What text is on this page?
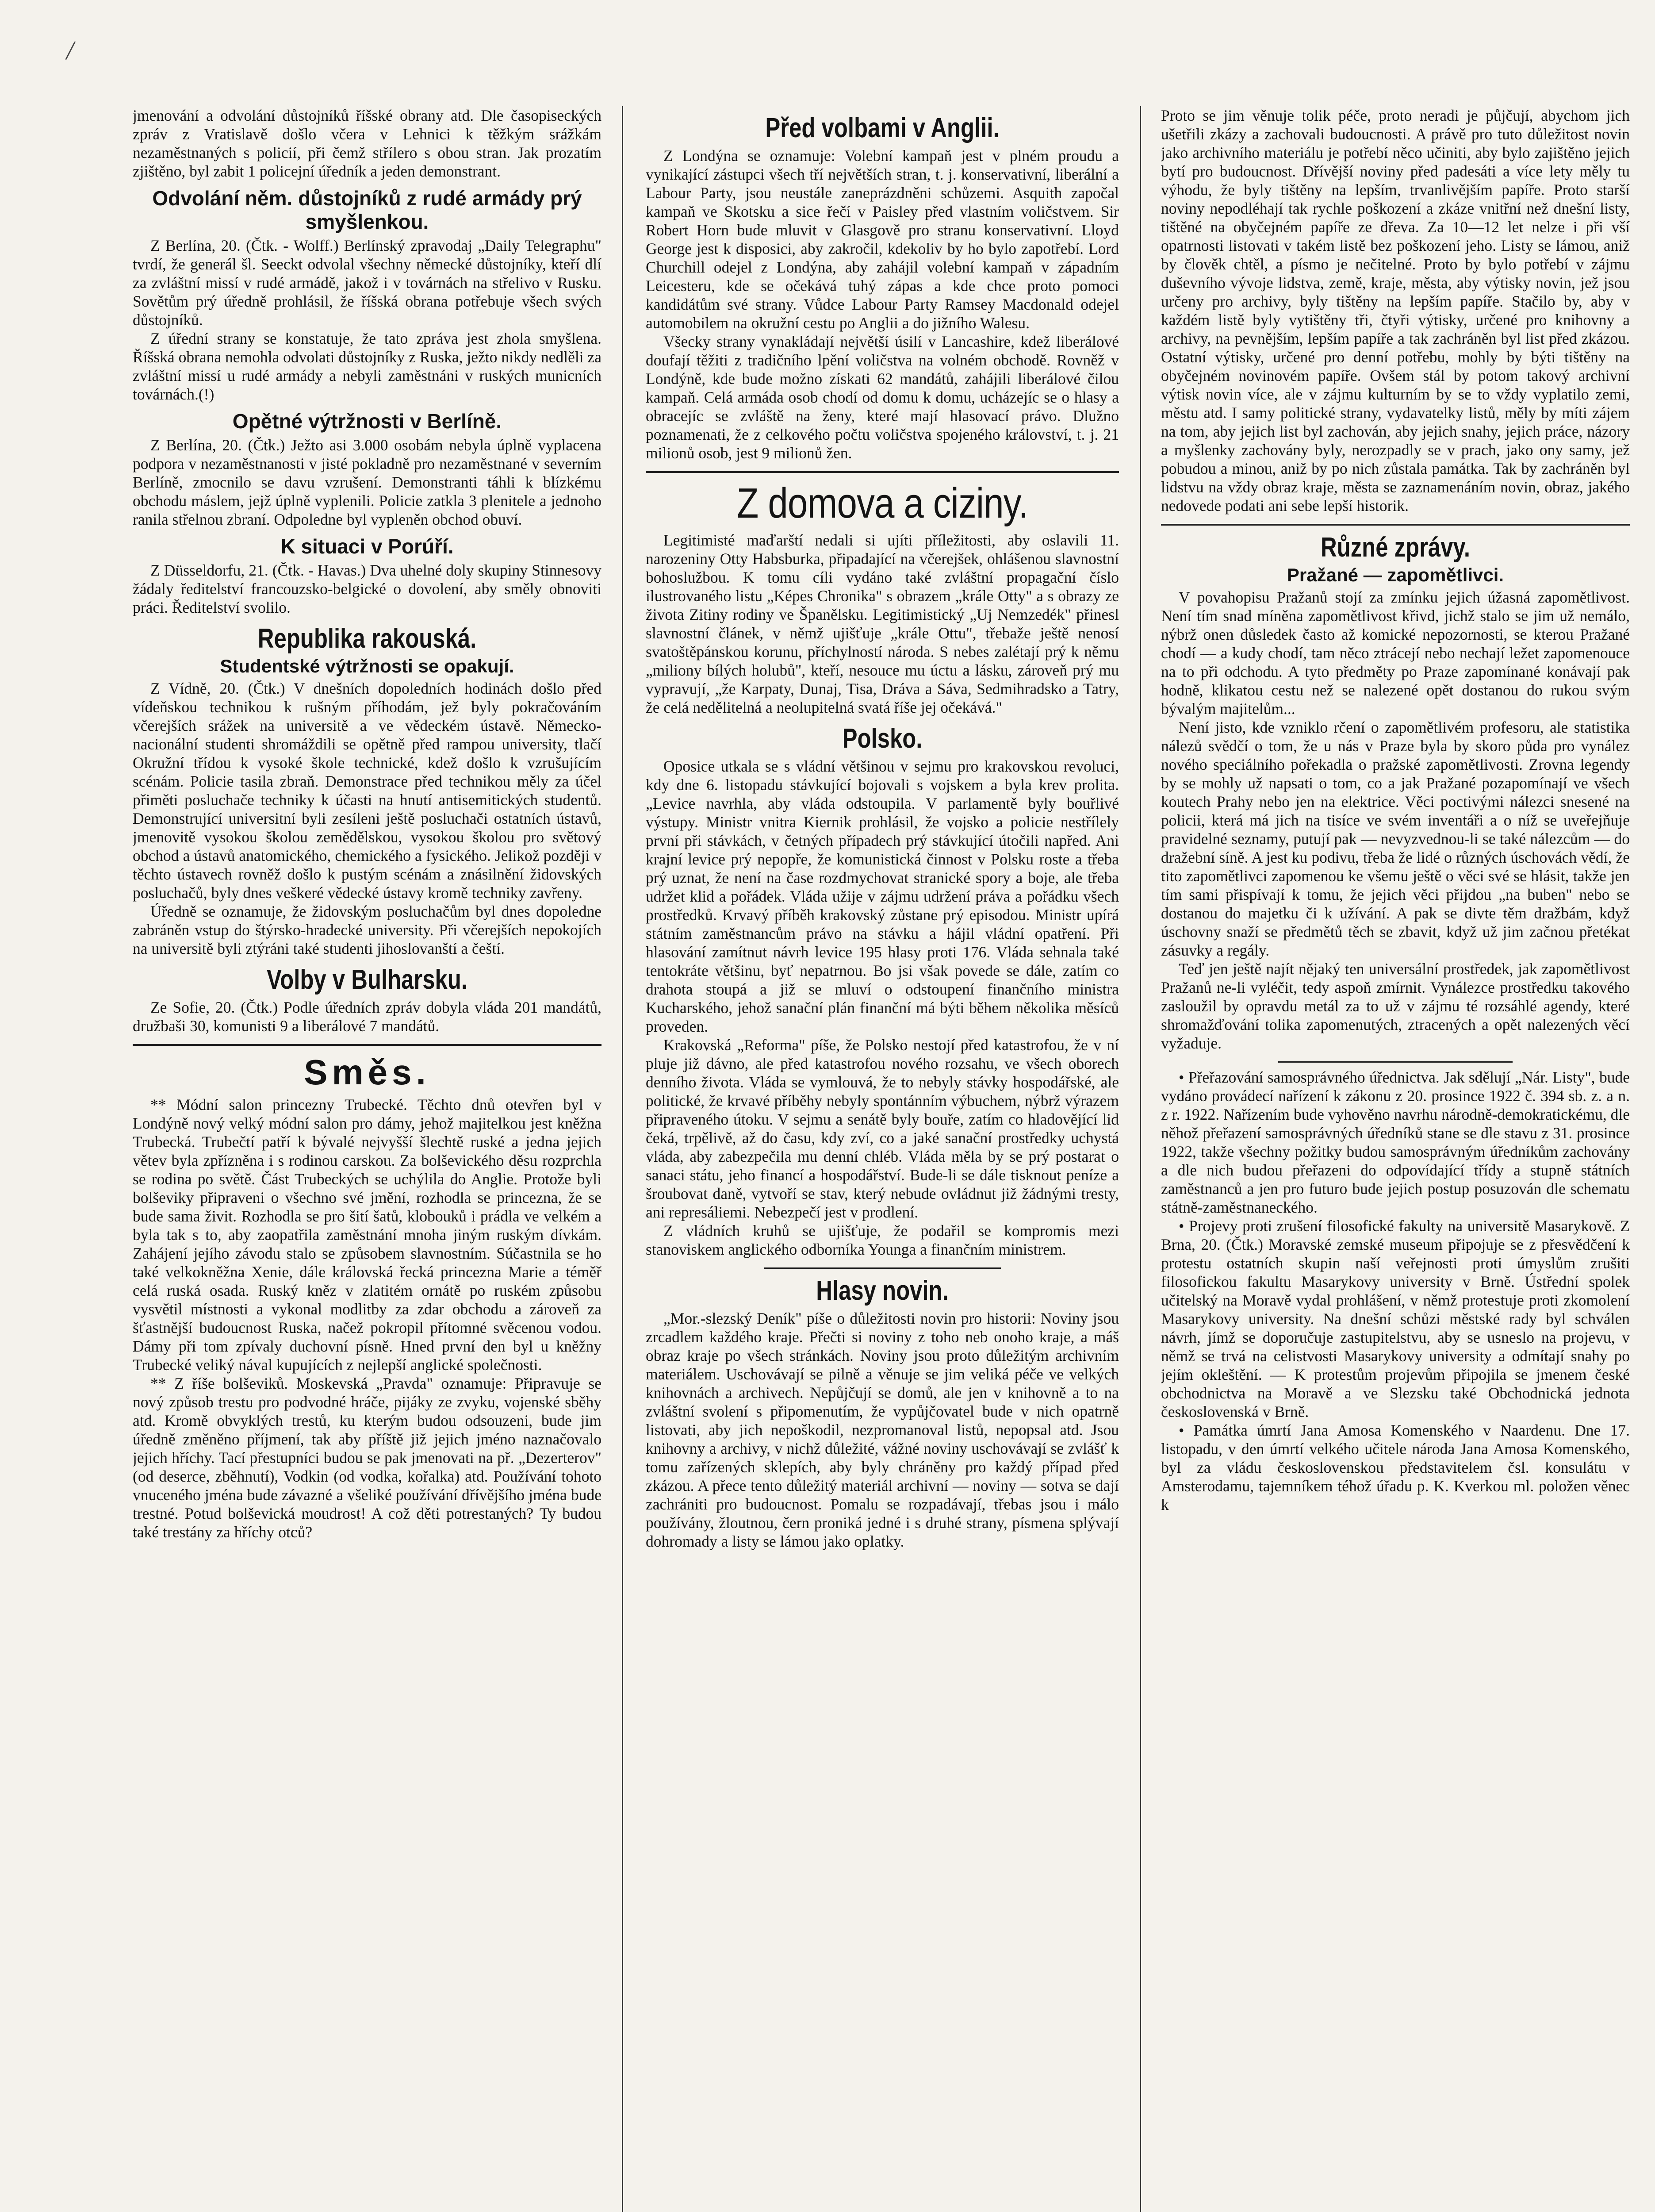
/

jmenování a odvolání důstojníků říšské obrany atd. Dle časopiseckých zpráv z Vratislavě došlo včera v Lehnici k těžkým srážkám nezaměstnaných s policií, při čemž střílero s obou stran. Jak prozatím zjištěno, byl zabit 1 policejní úředník a jeden demonstrant.

Odvolání něm. důstojníků z rudé armády prý smyšlenkou.

Z Berlína, 20. (Čtk. - Wolff.) Berlínský zpravodaj „Daily Telegraphu" tvrdí, že generál šl. Seeckt odvolal všechny německé důstojníky, kteří dlí za zvláštní missí v rudé armádě, jakož i v továrnách na střelivo v Rusku. Sovětům prý úředně prohlásil, že říšská obrana potřebuje všech svých důstojníků.

Z úřední strany se konstatuje, že tato zpráva jest zhola smyšlena. Říšská obrana nemohla odvolati důstojníky z Ruska, ježto nikdy nedlěli za zvláštní missí u rudé armády a nebyli zaměstnáni v ruských municních továrnách.(!)

Opětné výtržnosti v Berlíně.

Z Berlína, 20. (Čtk.) Ježto asi 3.000 osobám nebyla úplně vyplacena podpora v nezaměstnanosti v jisté pokladně pro nezaměstnané v severním Berlíně, zmocnilo se davu vzrušení. Demonstranti táhli k blízkému obchodu máslem, jejž úplně vyplenili. Policie zatkla 3 plenitele a jednoho ranila střelnou zbraní. Odpoledne byl vypleněn obchod obuví.

K situaci v Porúří.

Z Düsseldorfu, 21. (Čtk. - Havas.) Dva uhelné doly skupiny Stinnesovy žádaly ředitelství francouzsko-belgické o dovolení, aby směly obnoviti práci. Ředitelství svolilo.

Republika rakouská.
Studentské výtržnosti se opakují.

Z Vídně, 20. (Čtk.) V dnešních dopoledních hodinách došlo před vídeňskou technikou k rušným příhodám, jež byly pokračováním včerejších srážek na universitě a ve vědeckém ústavě. Německo-nacionální studenti shromáždili se opětně před rampou university, tlačí Okružní třídou k vysoké škole technické, kdež došlo k vzrušujícím scénám. Policie tasila zbraň. Demonstrace před technikou měly za účel přiměti posluchače techniky k účasti na hnutí antisemitických studentů. Demonstrující universitní byli zesíleni ještě posluchači ostatních ústavů, jmenovitě vysokou školou zemědělskou, vysokou školou pro světový obchod a ústavů anatomického, chemického a fysického. Jelikož později v těchto ústavech rovněž došlo k pustým scénám a znásilnění židovských posluchačů, byly dnes veškeré vědecké ústavy kromě techniky zavřeny.

Úředně se oznamuje, že židovským posluchačům byl dnes dopoledne zabráněn vstup do štýrsko-hradecké university. Při včerejších nepokojích na universitě byli ztýráni také studenti jihoslovanští a čeští.

Volby v Bulharsku.

Ze Sofie, 20. (Čtk.) Podle úředních zpráv dobyla vláda 201 mandátů, družbaši 30, komunisti 9 a liberálové 7 mandátů.

Směs.

** Módní salon princezny Trubecké. Těchto dnů otevřen byl v Londýně nový velký módní salon pro dámy, jehož majitelkou jest kněžna Trubecká. Trubečtí patří k bývalé nejvyšší šlechtě ruské a jedna jejich větev byla zpřízněna i s rodinou carskou. Za bolševického děsu rozprchla se rodina po světě. Část Trubeckých se uchýlila do Anglie. Protože byli bolševiky připraveni o všechno své jmění, rozhodla se princezna, že se bude sama živit. Rozhodla se pro šití šatů, klobouků i prádla ve velkém a byla tak s to, aby zaopatřila zaměstnání mnoha jiným ruským dívkám. Zahájení jejího závodu stalo se způsobem slavnostním. Súčastnila se ho také velkokněžna Xenie, dále královská řecká princezna Marie a téměř celá ruská osada. Ruský kněz v zlatitém ornátě po ruském způsobu vysvětil místnosti a vykonal modlitby za zdar obchodu a zároveň za šťastnější budoucnost Ruska, načež pokropil přítomné svěcenou vodou. Dámy při tom zpívaly duchovní písně. Hned první den byl u kněžny Trubecké veliký nával kupujících z nejlepší anglické společnosti.

** Z říše bolševiků. Moskevská „Pravda" oznamuje: Připravuje se nový způsob trestu pro podvodné hráče, pijáky ze zvyku, vojenské sběhy atd. Kromě obvyklých trestů, ku kterým budou odsouzeni, bude jim úředně změněno příjmení, tak aby příště již jejich jméno naznačovalo jejich hříchy. Tací přestupníci budou se pak jmenovati na př. „Dezerterov" (od deserce, zběhnutí), Vodkin (od vodka, kořalka) atd. Používání tohoto vnuceného jména bude závazné a všeliké používání dřívějšího jména bude trestné. Potud bolševická moudrost! A což děti potrestaných? Ty budou také trestány za hříchy otců?

Před volbami v Anglii.

Z Londýna se oznamuje: Volební kampaň jest v plném proudu a vynikající zástupci všech tří největších stran, t. j. konservativní, liberální a Labour Party, jsou neustále zaneprázdněni schůzemi. Asquith započal kampaň ve Skotsku a sice řečí v Paisley před vlastním voličstvem. Sir Robert Horn bude mluvit v Glasgově pro stranu konservativní. Lloyd George jest k disposici, aby zakročil, kdekoliv by ho bylo zapotřebí. Lord Churchill odejel z Londýna, aby zahájil volební kampaň v západním Leicesteru, kde se očekává tuhý zápas a kde chce proto pomoci kandidátům své strany. Vůdce Labour Party Ramsey Macdonald odejel automobilem na okružní cestu po Anglii a do jižního Walesu.

Všecky strany vynakládají největší úsilí v Lancashire, kdež liberálové doufají těžiti z tradičního lpění voličstva na volném obchodě. Rovněž v Londýně, kde bude možno získati 62 mandátů, zahájili liberálové čilou kampaň. Celá armáda osob chodí od domu k domu, ucházejíc se o hlasy a obracejíc se zvláště na ženy, které mají hlasovací právo. Dlužno poznamenati, že z celkového počtu voličstva spojeného království, t. j. 21 milionů osob, jest 9 milionů žen.

Z domova a ciziny.

Legitimisté maďarští nedali si ujíti příležitosti, aby oslavili 11. narozeniny Otty Habsburka, připadající na včerejšek, ohlášenou slavnostní bohoslužbou. K tomu cíli vydáno také zvláštní propagační číslo ilustrovaného listu „Képes Chronika" s obrazem „krále Otty" a s obrazy ze života Zitiny rodiny ve Španělsku. Legitimistický „Uj Nemzedék" přinesl slavnostní článek, v němž ujišťuje „krále Ottu", třebaže ještě nenosí svatoštěpánskou korunu, příchylností národa. S nebes zalétají prý k němu „miliony bílých holubů", kteří, nesouce mu úctu a lásku, zároveň prý mu vypravují, „že Karpaty, Dunaj, Tisa, Dráva a Sáva, Sedmihradsko a Tatry, že celá nedělitelná a neolupitelná svatá říše jej očekává."

Polsko.

Oposice utkala se s vládní většinou v sejmu pro krakovskou revoluci, kdy dne 6. listopadu stávkující bojovali s vojskem a byla krev prolita. „Levice navrhla, aby vláda odstoupila. V parlamentě byly bouřlivé výstupy. Ministr vnitra Kiernik prohlásil, že vojsko a policie nestřílely první při stávkách, v četných případech prý stávkující útočili napřed. Ani krajní levice prý nepopře, že komunistická činnost v Polsku roste a třeba prý uznat, že není na čase rozdmychovat stranické spory a boje, ale třeba udržet klid a pořádek. Vláda užije v zájmu udržení práva a pořádku všech prostředků. Krvavý příběh krakovský zůstane prý episodou. Ministr upírá státním zaměstnancům právo na stávku a hájil vládní opatření. Při hlasování zamítnut návrh levice 195 hlasy proti 176. Vláda sehnala také tentokráte většinu, byť nepatrnou. Bo jsi však povede se dále, zatím co drahota stoupá a již se mluví o odstoupení finančního ministra Kucharského, jehož sanační plán finanční má býti během několika měsíců proveden.

Krakovská „Reforma" píše, že Polsko nestojí před katastrofou, že v ní pluje již dávno, ale před katastrofou nového rozsahu, ve všech oborech denního života. Vláda se vymlouvá, že to nebyly stávky hospodářské, ale politické, že krvavé příběhy nebyly spontánním výbuchem, nýbrž výrazem připraveného útoku. V sejmu a senátě byly bouře, zatím co hladovějící lid čeká, trpělivě, až do času, kdy zví, co a jaké sanační prostředky uchystá vláda, aby zabezpečila mu denní chléb. Vláda měla by se prý postarat o sanaci státu, jeho financí a hospodářství. Bude-li se dále tisknout peníze a šroubovat daně, vytvoří se stav, který nebude ovládnut již žádnými tresty, ani represáliemi. Nebezpečí jest v prodlení.

Z vládních kruhů se ujišťuje, že podařil se kompromis mezi stanoviskem anglického odborníka Younga a finančním ministrem.

Hlasy novin.

„Mor.-slezský Deník" píše o důležitosti novin pro historii: Noviny jsou zrcadlem každého kraje. Přečti si noviny z toho neb onoho kraje, a máš obraz kraje po všech stránkách. Noviny jsou proto důležitým archivním materiálem. Uschovávají se pilně a věnuje se jim veliká péče ve velkých knihovnách a archivech. Nepůjčují se domů, ale jen v knihovně a to na zvláštní svolení s připomenutím, že vypůjčovatel bude v nich opatrně listovati, aby jich nepoškodil, nezpromanoval listů, nepopsal atd. Jsou knihovny a archivy, v nichž důležité, vážné noviny uschovávají se zvlášť k tomu zařízených sklepích, aby byly chráněny pro každý případ před zkázou. A přece tento důležitý materiál archivní — noviny — sotva se dají zachrániti pro budoucnost. Pomalu se rozpadávají, třebas jsou i málo používány, žloutnou, čern proniká jedné i s druhé strany, písmena splývají dohromady a listy se lámou jako oplatky.

Proto se jim věnuje tolik péče, proto neradi je půjčují, abychom jich ušetřili zkázy a zachovali budoucnosti. A právě pro tuto důležitost novin jako archivního materiálu je potřebí něco učiniti, aby bylo zajištěno jejich bytí pro budoucnost. Dřívější noviny před padesáti a více lety měly tu výhodu, že byly tištěny na lepším, trvanlivějším papíře. Proto starší noviny nepodléhají tak rychle poškození a zkáze vnitřní než dnešní listy, tištěné na obyčejném papíře ze dřeva. Za 10—12 let nelze i při vší opatrnosti listovati v takém listě bez poškození jeho. Listy se lámou, aniž by člověk chtěl, a písmo je nečitelné. Proto by bylo potřebí v zájmu duševního vývoje lidstva, země, kraje, města, aby výtisky novin, jež jsou určeny pro archivy, byly tištěny na lepším papíře. Stačilo by, aby v každém listě byly vytištěny tři, čtyři výtisky, určené pro knihovny a archivy, na pevnějším, lepším papíře a tak zachráněn byl list před zkázou. Ostatní výtisky, určené pro denní potřebu, mohly by býti tištěny na obyčejném novinovém papíře. Ovšem stál by potom takový archivní výtisk novin více, ale v zájmu kulturním by se to vždy vyplatilo zemi, městu atd. I samy politické strany, vydavatelky listů, měly by míti zájem na tom, aby jejich list byl zachován, aby jejich snahy, jejich práce, názory a myšlenky zachovány byly, nerozpadly se v prach, jako ony samy, jež pobudou a minou, aniž by po nich zůstala památka. Tak by zachráněn byl lidstvu na vždy obraz kraje, města se zaznamenáním novin, obraz, jakého nedovede podati ani sebe lepší historik.

Různé zprávy.
Pražané — zapomětlivci.

V povahopisu Pražanů stojí za zmínku jejich úžasná zapomětlivost. Není tím snad míněna zapomětlivost křivd, jichž stalo se jim už nemálo, nýbrž onen důsledek často až komické nepozornosti, se kterou Pražané chodí — a kudy chodí, tam něco ztrácejí nebo nechají ležet zapomenouce na to při odchodu. A tyto předměty po Praze zapomínané konávají pak hodně, klikatou cestu než se nalezené opět dostanou do rukou svým bývalým majitelům...

Není jisto, kde vzniklo rčení o zapomětlivém profesoru, ale statistika nálezů svědčí o tom, že u nás v Praze byla by skoro půda pro vynález nového speciálního pořekadla o pražské zapomětlivosti. Zrovna legendy by se mohly už napsati o tom, co a jak Pražané pozapomínají ve všech koutech Prahy nebo jen na elektrice. Věci poctivými nálezci snesené na policii, která má jich na tisíce ve svém inventáři a o níž se uveřejňuje pravidelné seznamy, putují pak — nevyzvednou-li se také nálezcům — do dražební síně. A jest ku podivu, třeba že lidé o různých úschovách vědí, že tito zapomětlivci zapomenou ke všemu ještě o věci své se hlásit, takže jen tím sami přispívají k tomu, že jejich věci přijdou „na buben" nebo se dostanou do majetku či k užívání. A pak se divte těm dražbám, když úschovny snaží se předmětů těch se zbavit, když už jim začnou přetékat zásuvky a regály.

Teď jen ještě najít nějaký ten universální prostředek, jak zapomětlivost Pražanů ne-li vyléčit, tedy aspoň zmírnit. Vynálezce prostředku takového zasloužil by opravdu metál za to už v zájmu té rozsáhlé agendy, které shromažďování tolika zapomenutých, ztracených a opět nalezených věcí vyžaduje.

• Přeřazování samosprávného úřednictva. Jak sdělují „Nár. Listy", bude vydáno provádecí nařízení k zákonu z 20. prosince 1922 č. 394 sb. z. a n. z r. 1922. Nařízením bude vyhověno navrhu národně-demokratickému, dle něhož přeřazení samosprávných úředníků stane se dle stavu z 31. prosince 1922, takže všechny požitky budou samosprávným úředníkům zachovány a dle nich budou přeřazeni do odpovídající třídy a stupně státních zaměstnanců a jen pro futuro bude jejich postup posuzován dle schematu státně-zaměstnaneckého.

• Projevy proti zrušení filosofické fakulty na universitě Masarykově. Z Brna, 20. (Čtk.) Moravské zemské museum připojuje se z přesvědčení k protestu ostatních skupin naší veřejnosti proti úmyslům zrušiti filosofickou fakultu Masarykovy university v Brně. Ústřední spolek učitelský na Moravě vydal prohlášení, v němž protestuje proti zkomolení Masarykovy university. Na dnešní schůzi městské rady byl schválen návrh, jímž se doporučuje zastupitelstvu, aby se usneslo na projevu, v němž se trvá na celistvosti Masarykovy university a odmítají snahy po jejím okleštění. — K protestům projevům připojila se jmenem české obchodnictva na Moravě a ve Slezsku také Obchodnická jednota československá v Brně.

• Památka úmrtí Jana Amosa Komenského v Naardenu. Dne 17. listopadu, v den úmrtí velkého učitele národa Jana Amosa Komenského, byl za vládu československou představitelem čsl. konsulátu v Amsterodamu, tajemníkem téhož úřadu p. K. Kverkou ml. položen věnec k
